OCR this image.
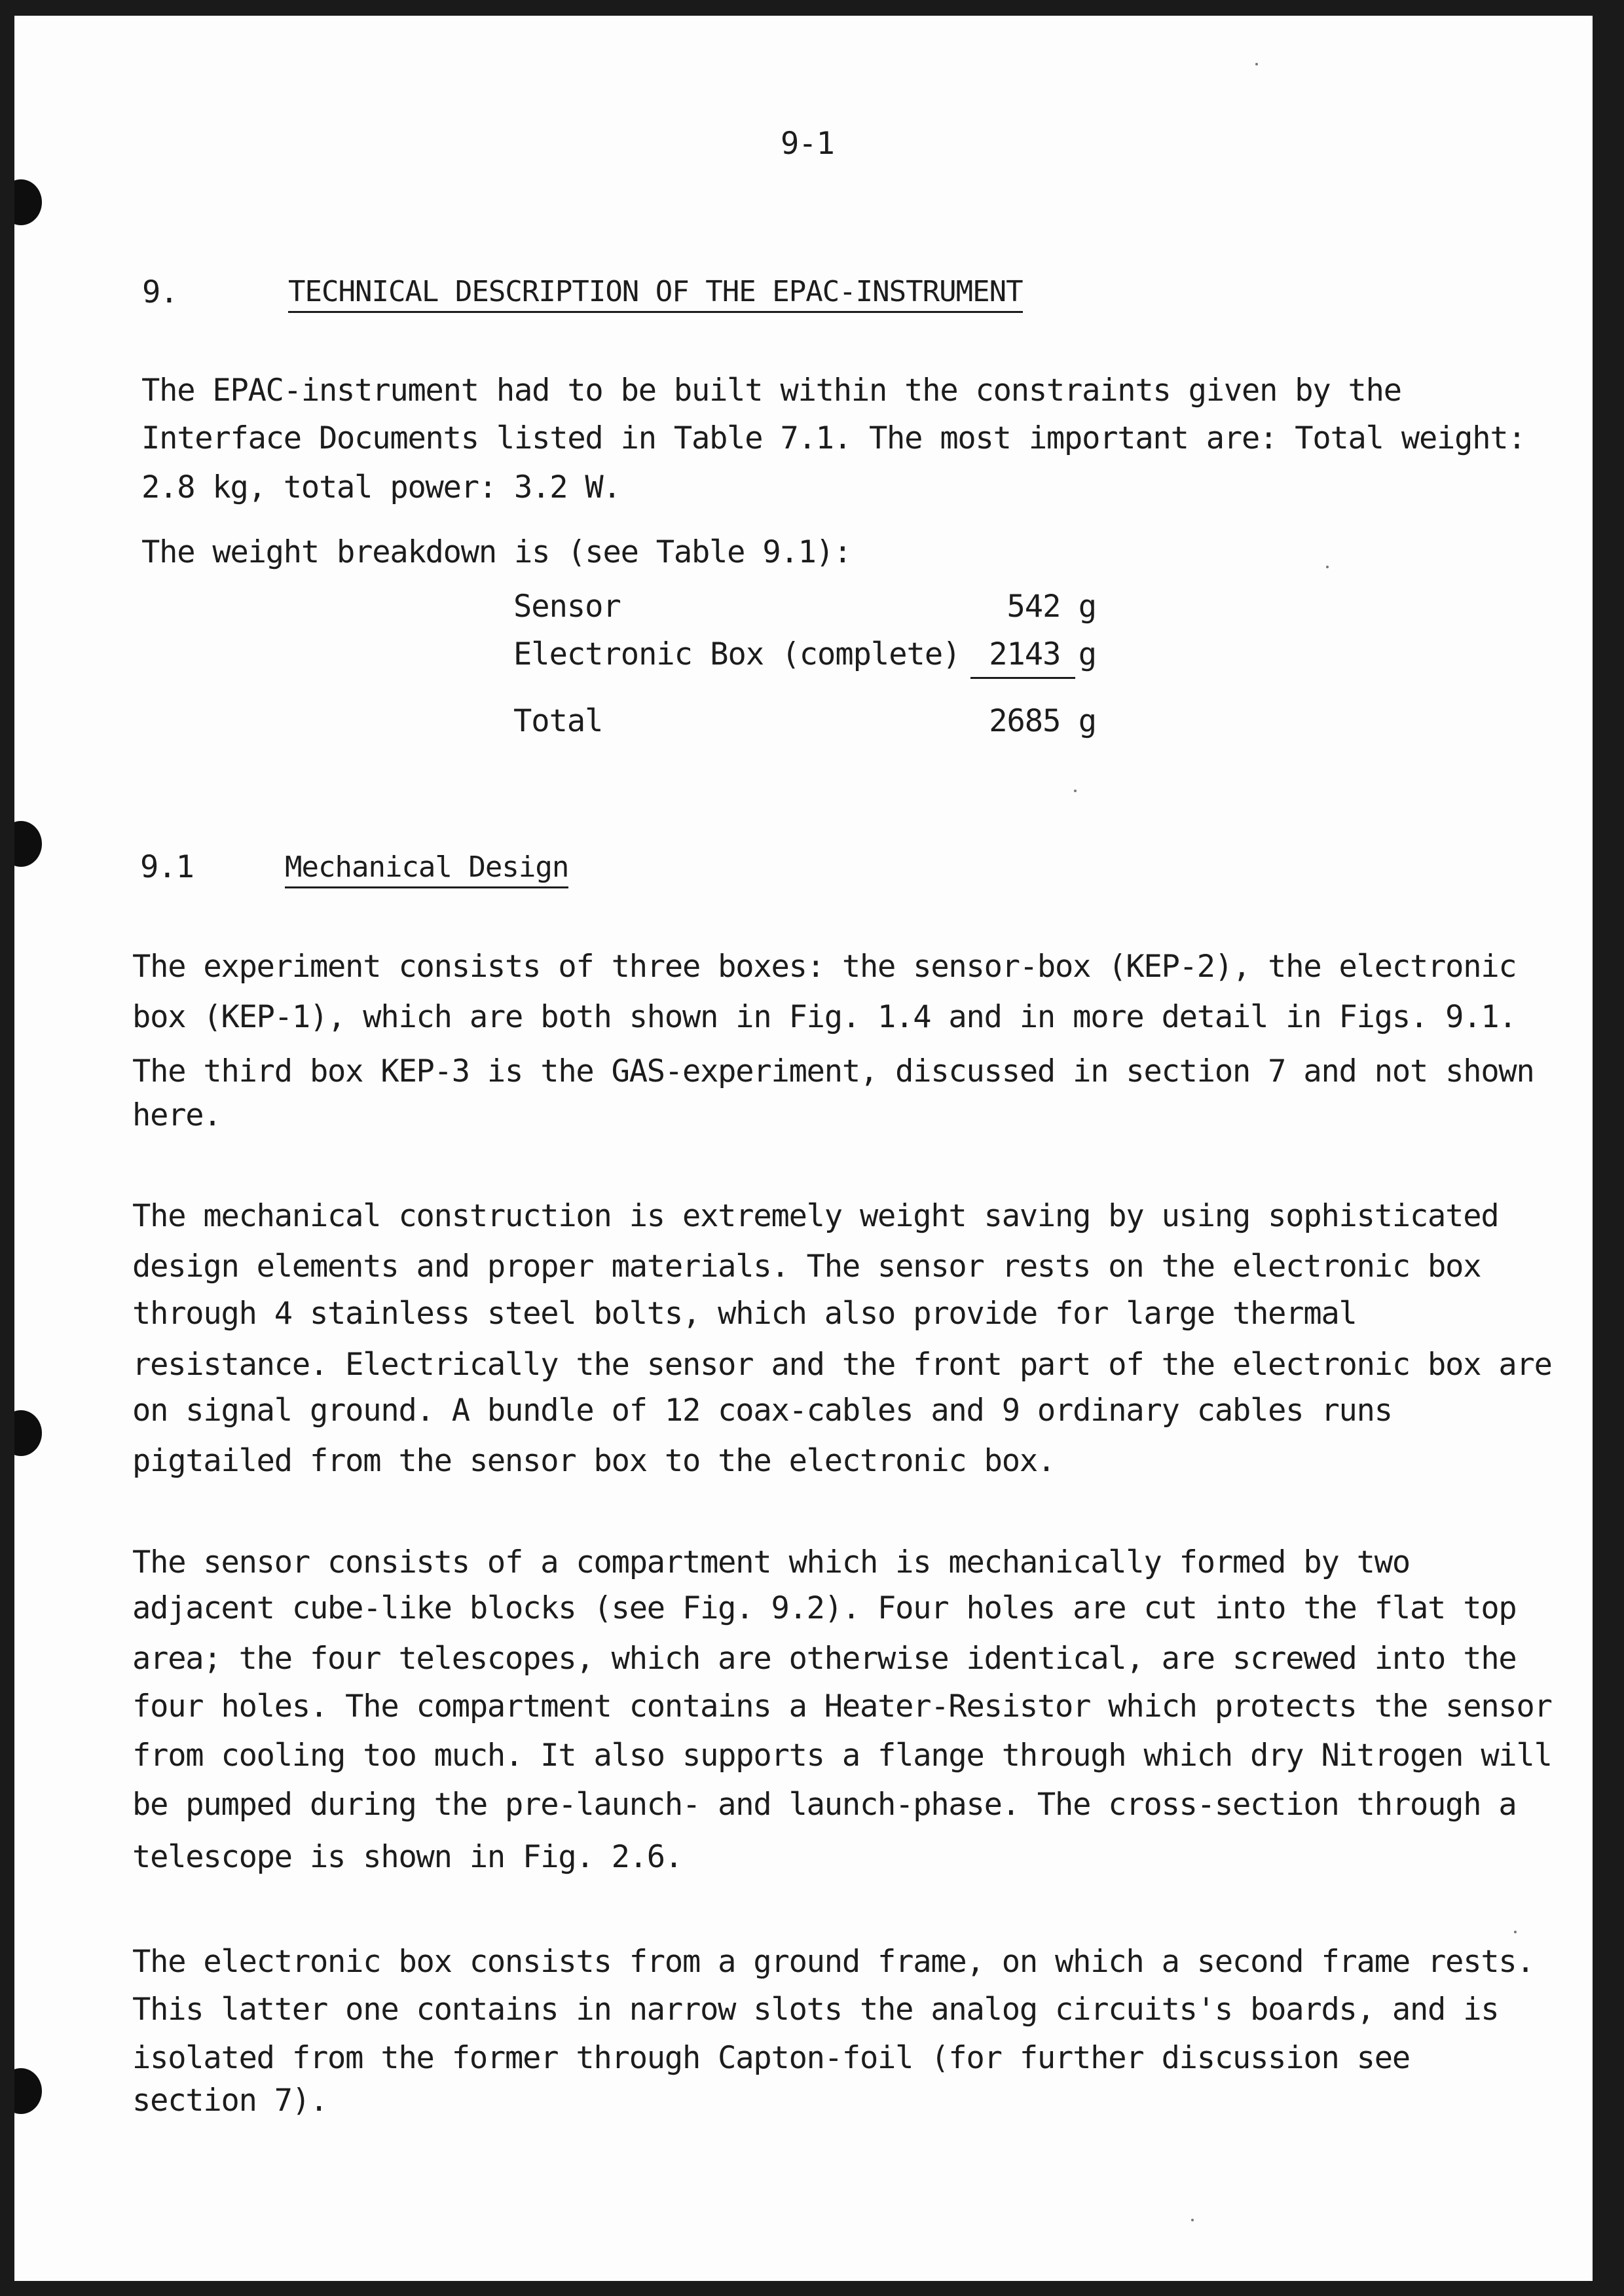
9-1
9.	TECHNICAL DESCRIPTION OF THE EPAC-INSTRUMENT
The EPAC-instrument had to be built within the constraints given by the
Interface Documents listed in Table 7.1. The most important are: Total weight:
2.8 kg, total power: 3.2 W.
The weight breakdown is (see Table 9.1):
Sensor	542 g
Electronic Box (complete) 2143 g
Total	2685 g
9.1	Mechanical Design
The experiment consists of three boxes: the sensor-box (KEP-2), the electronic
box (KEP-1), which are both shown in Fig. 1.4 and in more detail in Figs. 9.1.
The third box KEP-3 is the GAS-experiment, discussed in section 7 and not shown
here.
The mechanical construction is extremely weight saving by using sophisticated
design elements and proper materials. The sensor rests on the electronic box
through 4 stainless steel bolts, which also provide for large thermal
resistance. Electrically the sensor and the front part of the electronic box are
on signal ground. A bundle of 12 coax-cables and 9 ordinary cables runs
pigtailed from the sensor box to the electronic box.
The sensor consists of a compartment which is mechanically formed by two
adjacent cube-like blocks (see Fig. 9.2). Four holes are cut into the flat top
area; the four telescopes, which are otherwise identical, are screwed into the
four holes. The compartment contains a Heater-Resistor which protects the sensor
from cooling too much. It also supports a flange through which dry Nitrogen will
be pumped during the pre-launch- and launch-phase. The cross-section through a
telescope is shown in Fig. 2.6.
The electronic box consists from a ground frame, on which a second frame rests.
This latter one contains in narrow slots the analog circuits's boards, and is
isolated from the former through Capton-foil (for further discussion see
section 7).
